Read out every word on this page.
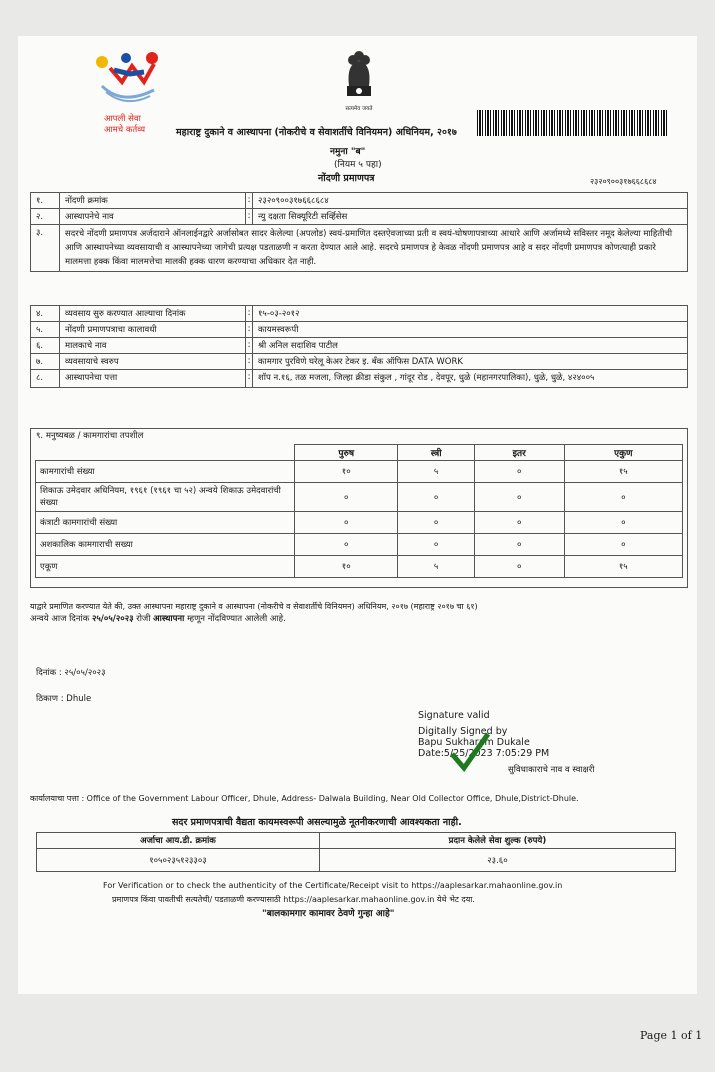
आपली सेवा
आमचे कर्तव्य
सत्यमेव जयते
महाराष्ट्र दुकाने व आस्थापना (नोकरीचे व सेवाशर्तीचे विनियमन) अधिनियम, २०१७
नमुना "ब"
(नियम ५ पहा)
नोंदणी प्रमाणपत्र	२३२०९००३१७६६८६८४
१.	नोंदणी क्रमांक	:	२३२०९००३१७६६८६८४
२.	आस्थापनेचे नाव	:	न्यु दक्षता सिक्यूरिटी सर्व्हिसेस
३.	सदरचे नोंदणी प्रमाणपत्र अर्जदाराने ऑनलाईनद्वारे अर्जासोबत सादर केलेल्या (अपलोड) स्वयं-प्रमाणित दस्तऐवजाच्या प्रती व स्वयं-घोषणापत्राच्या आधारे आणि अर्जामध्ये सविस्तर नमूद केलेल्या माहितीची आणि आस्थापनेच्या व्यवसायाची व आस्थापनेच्या जागेची प्रत्यक्ष पडताळणी न करता देण्यात आले आहे. सदरचे प्रमाणपत्र हे केवळ नोंदणी प्रमाणपत्र आहे व सदर नोंदणी प्रमाणपत्र कोणत्याही प्रकारे मालमत्ता हक्क किंवा मालमत्तेचा मालकी हक्क धारण करण्याचा अधिकार देत नाही.		
४.	व्यवसाय सुरु करण्यात आल्याचा दिनांक	:	१५-०३-२०१२
५.	नोंदणी प्रमाणपत्राचा कालावधी	:	कायमस्वरूपी
६.	मालकाचे नाव	:	श्री अनिल सदाशिव पाटील
७.	व्यवसायाचे स्वरुप	:	कामगार पुरविणे घरेलू केअर टेकर इ. बँक ऑफिस DATA WORK
८.	आस्थापनेचा पत्ता	:	शॉप न.१६, तळ मजला, जिल्हा क्रीडा संकुल , गांदूर रोड , देवपूर, धुळे (महानगरपालिका), धुळे, धुळे, ४२४००५
९. मनुष्यबळ / कामगारांचा तपशील
	पुरुष	स्त्री	इतर	एकुण
कामगारांची संख्या	१०	५	०	१५
शिकाऊ उमेदवार अधिनियम, १९६१ (१९६१ चा ५२) अन्वये शिकाऊ उमेदवारांची संख्या	०	०	०	०
कंत्राटी कामगारांची संख्या	०	०	०	०
अशकालिक कामगाराची सख्या	०	०	०	०
एकूण	१०	५	०	१५
याद्वारे प्रमाणित करण्यात येते की, उक्त आस्थापना महाराष्ट्र दुकाने व आस्थापना (नोकरीचे व सेवाशर्तीचे विनियमन) अधिनियम, २०१७ (महाराष्ट्र २०१७ चा ६१)
अन्वये आज दिनांक २५/०५/२०२३ रोजी आस्थापना म्हणून नोंदविण्यात आलेली आहे.
दिनांक : २५/०५/२०२३
ठिकाण : Dhule
Signature valid
Digitally Signed by
Bapu Sukharam Dukale
Date:5/25/2023 7:05:29 PM
सुविधाकाराचे नाव व स्वाक्षरी
कार्यालयाचा पत्ता : Office of the Government Labour Officer, Dhule, Address- Dalwala Building, Near Old Collector Office, Dhule,District-Dhule.
सदर प्रमाणपत्राची वैद्यता कायमस्वरूपी असल्यामुळे नूतनीकरणाची आवश्यकता नाही.
अर्जाचा आय.डी. क्रमांक	प्रदान केलेले सेवा शुल्क (रुपये)
१०५०२३५१२३३०३	२३.६०
For Verification or to check the authenticity of the Certificate/Receipt visit to https://aaplesarkar.mahaonline.gov.in
प्रमाणपत्र किंवा पावतीची सत्यतेची/ पडताळणी करण्यासाठी https://aaplesarkar.mahaonline.gov.in येथे भेट दया.
"बालकामगार कामावर ठेवणे गुन्हा आहे"
Page 1 of 1
